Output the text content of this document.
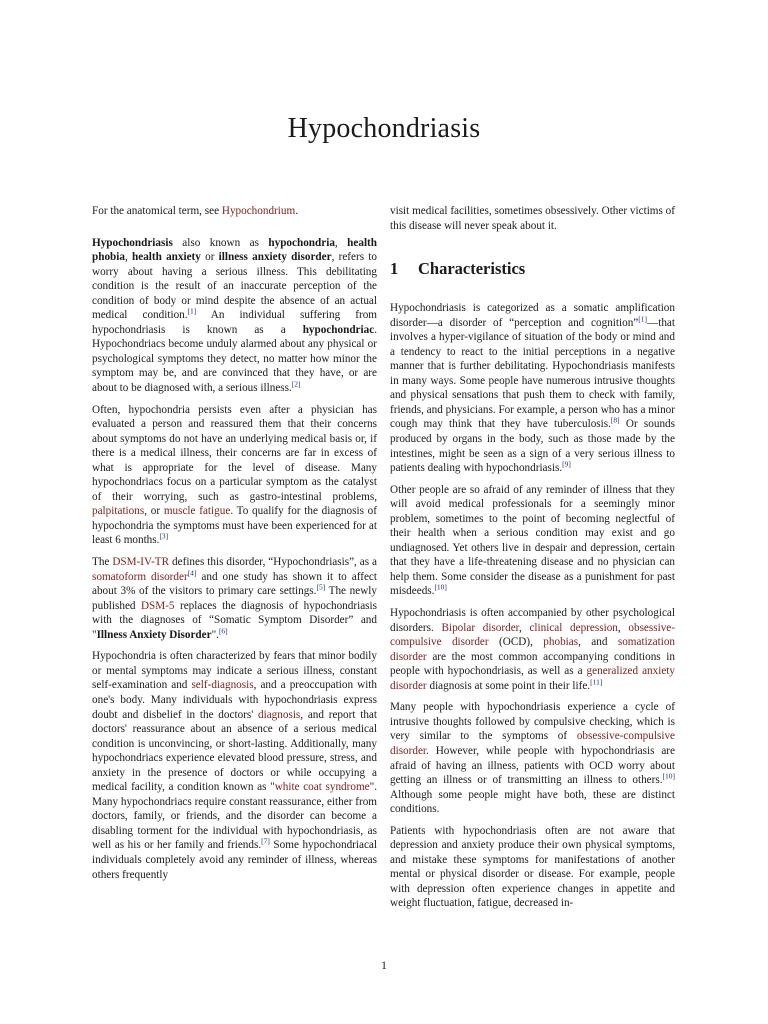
Hypochondriasis

For the anatomical term, see Hypochondrium.

Hypochondriasis also known as hypochondria, health phobia, health anxiety or illness anxiety disorder, refers to worry about having a serious illness. This debilitating condition is the result of an inaccurate perception of the condition of body or mind despite the absence of an actual medical condition.[1] An individual suffering from hypochondriasis is known as a hypochondriac. Hypochondriacs become unduly alarmed about any physical or psychological symptoms they detect, no matter how minor the symptom may be, and are convinced that they have, or are about to be diagnosed with, a serious illness.[2]

Often, hypochondria persists even after a physician has evaluated a person and reassured them that their concerns about symptoms do not have an underlying medical basis or, if there is a medical illness, their concerns are far in excess of what is appropriate for the level of disease. Many hypochondriacs focus on a particular symptom as the catalyst of their worrying, such as gastro-intestinal problems, palpitations, or muscle fatigue. To qualify for the diagnosis of hypochondria the symptoms must have been experienced for at least 6 months.[3]

The DSM-IV-TR defines this disorder, “Hypochondriasis”, as a somatoform disorder[4] and one study has shown it to affect about 3% of the visitors to primary care settings.[5] The newly published DSM-5 replaces the diagnosis of hypochondriasis with the diagnoses of “Somatic Symptom Disorder” and "Illness Anxiety Disorder".[6]

Hypochondria is often characterized by fears that minor bodily or mental symptoms may indicate a serious illness, constant self-examination and self-diagnosis, and a preoccupation with one's body. Many individuals with hypochondriasis express doubt and disbelief in the doctors' diagnosis, and report that doctors' reassurance about an absence of a serious medical condition is unconvincing, or short-lasting. Additionally, many hypochondriacs experience elevated blood pressure, stress, and anxiety in the presence of doctors or while occupying a medical facility, a condition known as "white coat syndrome". Many hypochondriacs require constant reassurance, either from doctors, family, or friends, and the disorder can become a disabling torment for the individual with hypochondriasis, as well as his or her family and friends.[7] Some hypochondriacal individuals completely avoid any reminder of illness, whereas others frequently

visit medical facilities, sometimes obsessively. Other victims of this disease will never speak about it.

1 Characteristics

Hypochondriasis is categorized as a somatic amplification disorder—a disorder of “perception and cognition”[1]—that involves a hyper-vigilance of situation of the body or mind and a tendency to react to the initial perceptions in a negative manner that is further debilitating. Hypochondriasis manifests in many ways. Some people have numerous intrusive thoughts and physical sensations that push them to check with family, friends, and physicians. For example, a person who has a minor cough may think that they have tuberculosis.[8] Or sounds produced by organs in the body, such as those made by the intestines, might be seen as a sign of a very serious illness to patients dealing with hypochondriasis.[9]

Other people are so afraid of any reminder of illness that they will avoid medical professionals for a seemingly minor problem, sometimes to the point of becoming neglectful of their health when a serious condition may exist and go undiagnosed. Yet others live in despair and depression, certain that they have a life-threatening disease and no physician can help them. Some consider the disease as a punishment for past misdeeds.[10]

Hypochondriasis is often accompanied by other psychological disorders. Bipolar disorder, clinical depression, obsessive-compulsive disorder (OCD), phobias, and somatization disorder are the most common accompanying conditions in people with hypochondriasis, as well as a generalized anxiety disorder diagnosis at some point in their life.[11]

Many people with hypochondriasis experience a cycle of intrusive thoughts followed by compulsive checking, which is very similar to the symptoms of obsessive-compulsive disorder. However, while people with hypochondriasis are afraid of having an illness, patients with OCD worry about getting an illness or of transmitting an illness to others.[10] Although some people might have both, these are distinct conditions.

Patients with hypochondriasis often are not aware that depression and anxiety produce their own physical symptoms, and mistake these symptoms for manifestations of another mental or physical disorder or disease. For example, people with depression often experience changes in appetite and weight fluctuation, fatigue, decreased in-

1
